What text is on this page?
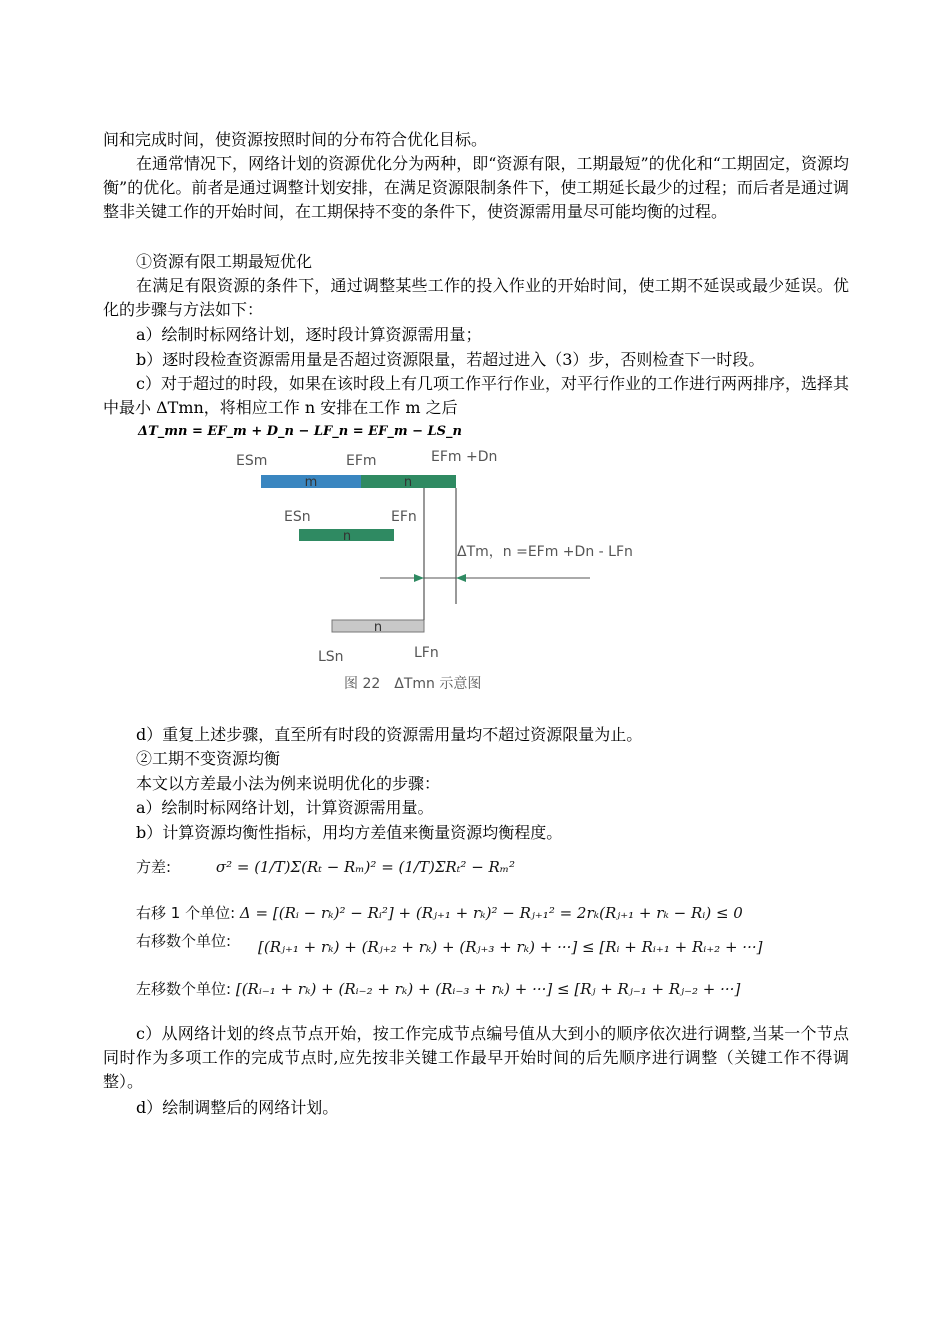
间和完成时间，使资源按照时间的分布符合优化目标。

在通常情况下，网络计划的资源优化分为两种，即“资源有限，工期最短”的优化和“工期固定，资源均衡”的优化。前者是通过调整计划安排，在满足资源限制条件下，使工期延长最少的过程；而后者是通过调整非关键工作的开始时间，在工期保持不变的条件下，使资源需用量尽可能均衡的过程。

①资源有限工期最短优化

在满足有限资源的条件下，通过调整某些工作的投入作业的开始时间，使工期不延误或最少延误。优化的步骤与方法如下：

a）绘制时标网络计划，逐时段计算资源需用量；

b）逐时段检查资源需用量是否超过资源限量，若超过进入（3）步，否则检查下一时段。

c）对于超过的时段，如果在该时段上有几项工作平行作业，对平行作业的工作进行两两排序，选择其中最小 ΔTmn，将相应工作 n 安排在工作 m 之后

ΔT_mn = EF_m + D_n − LF_n = EF_m − LS_n
m	n
n
n
ESm	EFm	EFm +Dn
ESn	EFn
ΔTm，n =EFm +Dn - LFn
LSn	LFn
图 22　ΔTmn 示意图

d）重复上述步骤，直至所有时段的资源需用量均不超过资源限量为止。

②工期不变资源均衡

本文以方差最小法为例来说明优化的步骤：

a）绘制时标网络计划，计算资源需用量。

b）计算资源均衡性指标，用均方差值来衡量资源均衡程度。

方差:	σ² = (1/T)Σ(Rₜ − Rₘ)² = (1/T)ΣRₜ² − Rₘ²
右移 1 个单位: Δ = [(Rᵢ − rₖ)² − Rᵢ²] + (Rⱼ₊₁ + rₖ)² − Rⱼ₊₁² = 2rₖ(Rⱼ₊₁ + rₖ − Rᵢ) ≤ 0
右移数个单位: [(Rⱼ₊₁ + rₖ) + (Rⱼ₊₂ + rₖ) + (Rⱼ₊₃ + rₖ) + ···] ≤ [Rᵢ + Rᵢ₊₁ + Rᵢ₊₂ + ···]
左移数个单位: [(Rᵢ₋₁ + rₖ) + (Rᵢ₋₂ + rₖ) + (Rᵢ₋₃ + rₖ) + ···] ≤ [Rⱼ + Rⱼ₋₁ + Rⱼ₋₂ + ···]

c）从网络计划的终点节点开始，按工作完成节点编号值从大到小的顺序依次进行调整,当某一个节点同时作为多项工作的完成节点时,应先按非关键工作最早开始时间的后先顺序进行调整（关键工作不得调整）。

d）绘制调整后的网络计划。
